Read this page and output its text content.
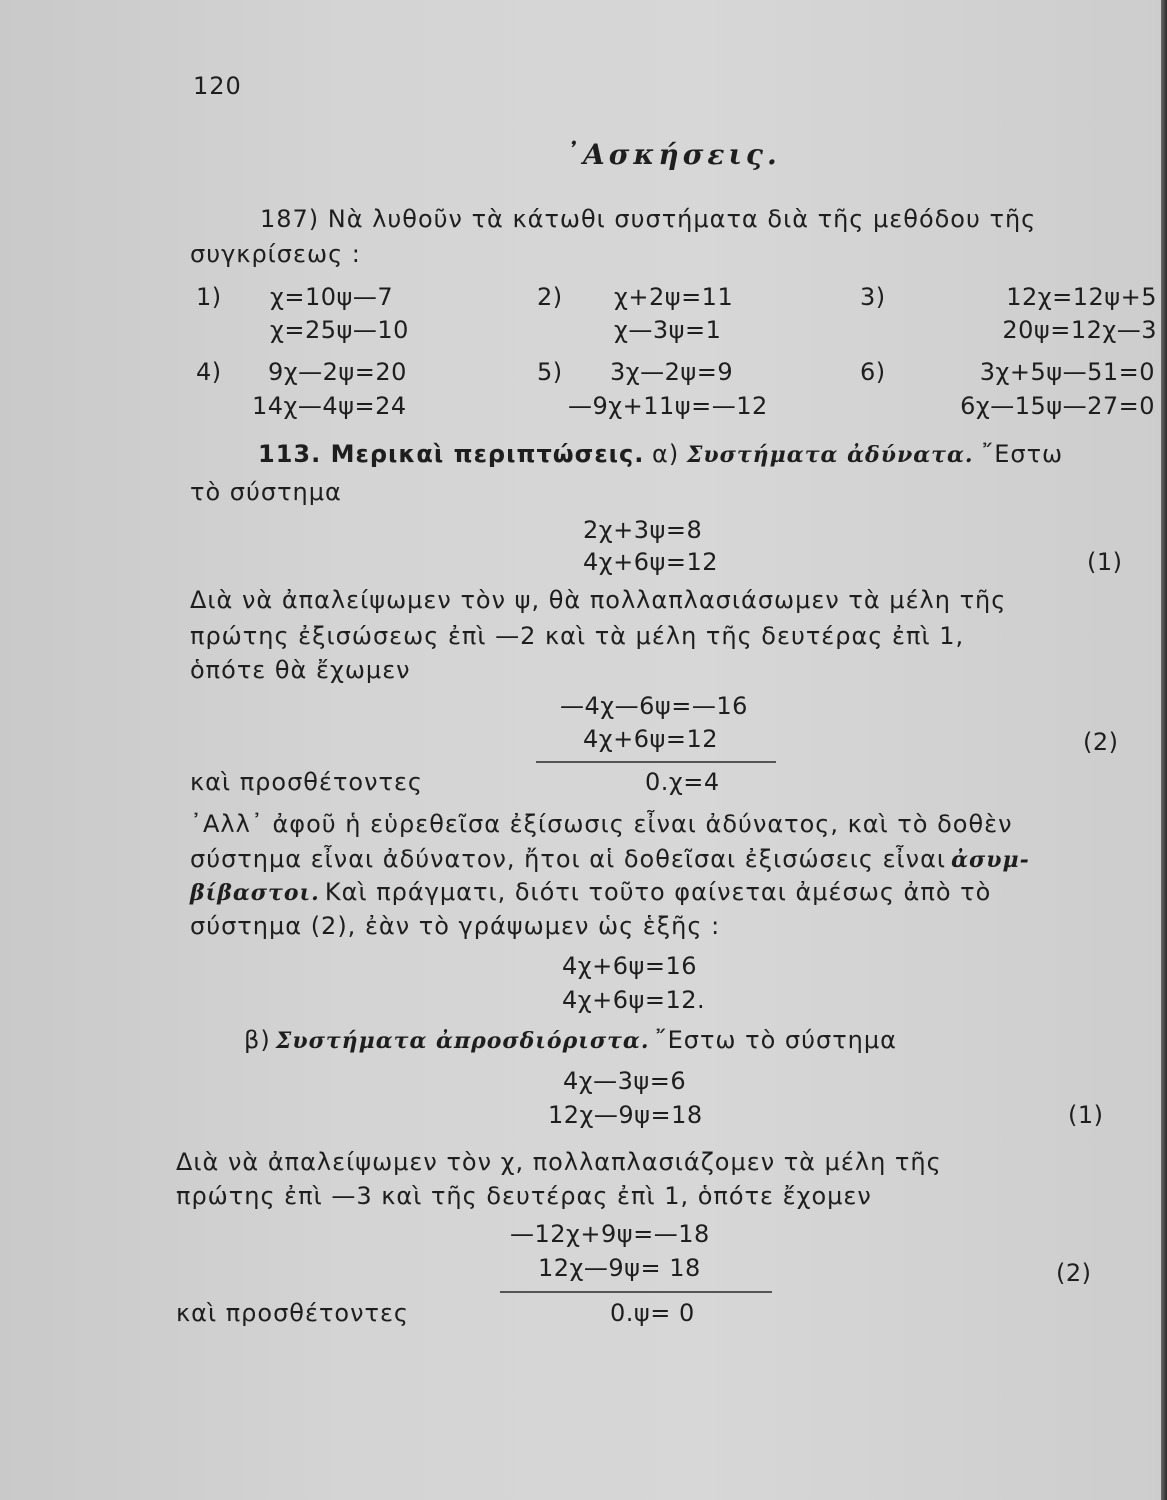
120
᾿Ασκήσεις.
187) Νὰ λυθοῦν τὰ κάτωθι συστήματα διὰ τῆς μεθόδου τῆς
συγκρίσεως :
1) χ=10ψ—7
χ=25ψ—10
2) χ+2ψ=11
χ—3ψ=1
3)	12χ=12ψ+5
20ψ=12χ—3
4) 9χ—2ψ=20
14χ—4ψ=24
5) 3χ—2ψ=9
—9χ+11ψ=—12
6)	3χ+5ψ—51=0
6χ—15ψ—27=0
113. Μερικαὶ περιπτώσεις. α) Συστήματα ἀδύνατα. ῎Εστω
τὸ σύστημα
2χ+3ψ=8
4χ+6ψ=12	(1)
Διὰ νὰ ἀπαλείψωμεν τὸν ψ, θὰ πολλαπλασιάσωμεν τὰ μέλη τῆς
πρώτης ἐξισώσεως ἐπὶ —2 καὶ τὰ μέλη τῆς δευτέρας ἐπὶ 1,
ὁπότε θὰ ἔχωμεν
—4χ—6ψ=—16
4χ+6ψ=12	(2)
καὶ προσθέτοντες	0.χ=4
᾿Αλλ᾿ ἀφοῦ ἡ εὑρεθεῖσα ἐξίσωσις εἶναι ἀδύνατος, καὶ τὸ δοθὲν
σύστημα εἶναι ἀδύνατον, ἤτοι αἱ δοθεῖσαι ἐξισώσεις εἶναι ἀσυμ-
βίβαστοι. Καὶ πράγματι, διότι τοῦτο φαίνεται ἀμέσως ἀπὸ τὸ
σύστημα (2), ἐὰν τὸ γράψωμεν ὡς ἑξῆς :
4χ+6ψ=16
4χ+6ψ=12.
β) Συστήματα ἀπροσδιόριστα. ῎Εστω τὸ σύστημα
4χ—3ψ=6
12χ—9ψ=18	(1)
Διὰ νὰ ἀπαλείψωμεν τὸν χ, πολλαπλασιάζομεν τὰ μέλη τῆς
πρώτης ἐπὶ —3 καὶ τῆς δευτέρας ἐπὶ 1, ὁπότε ἔχομεν
—12χ+9ψ=—18
12χ—9ψ= 18	(2)
καὶ προσθέτοντες	0.ψ= 0
